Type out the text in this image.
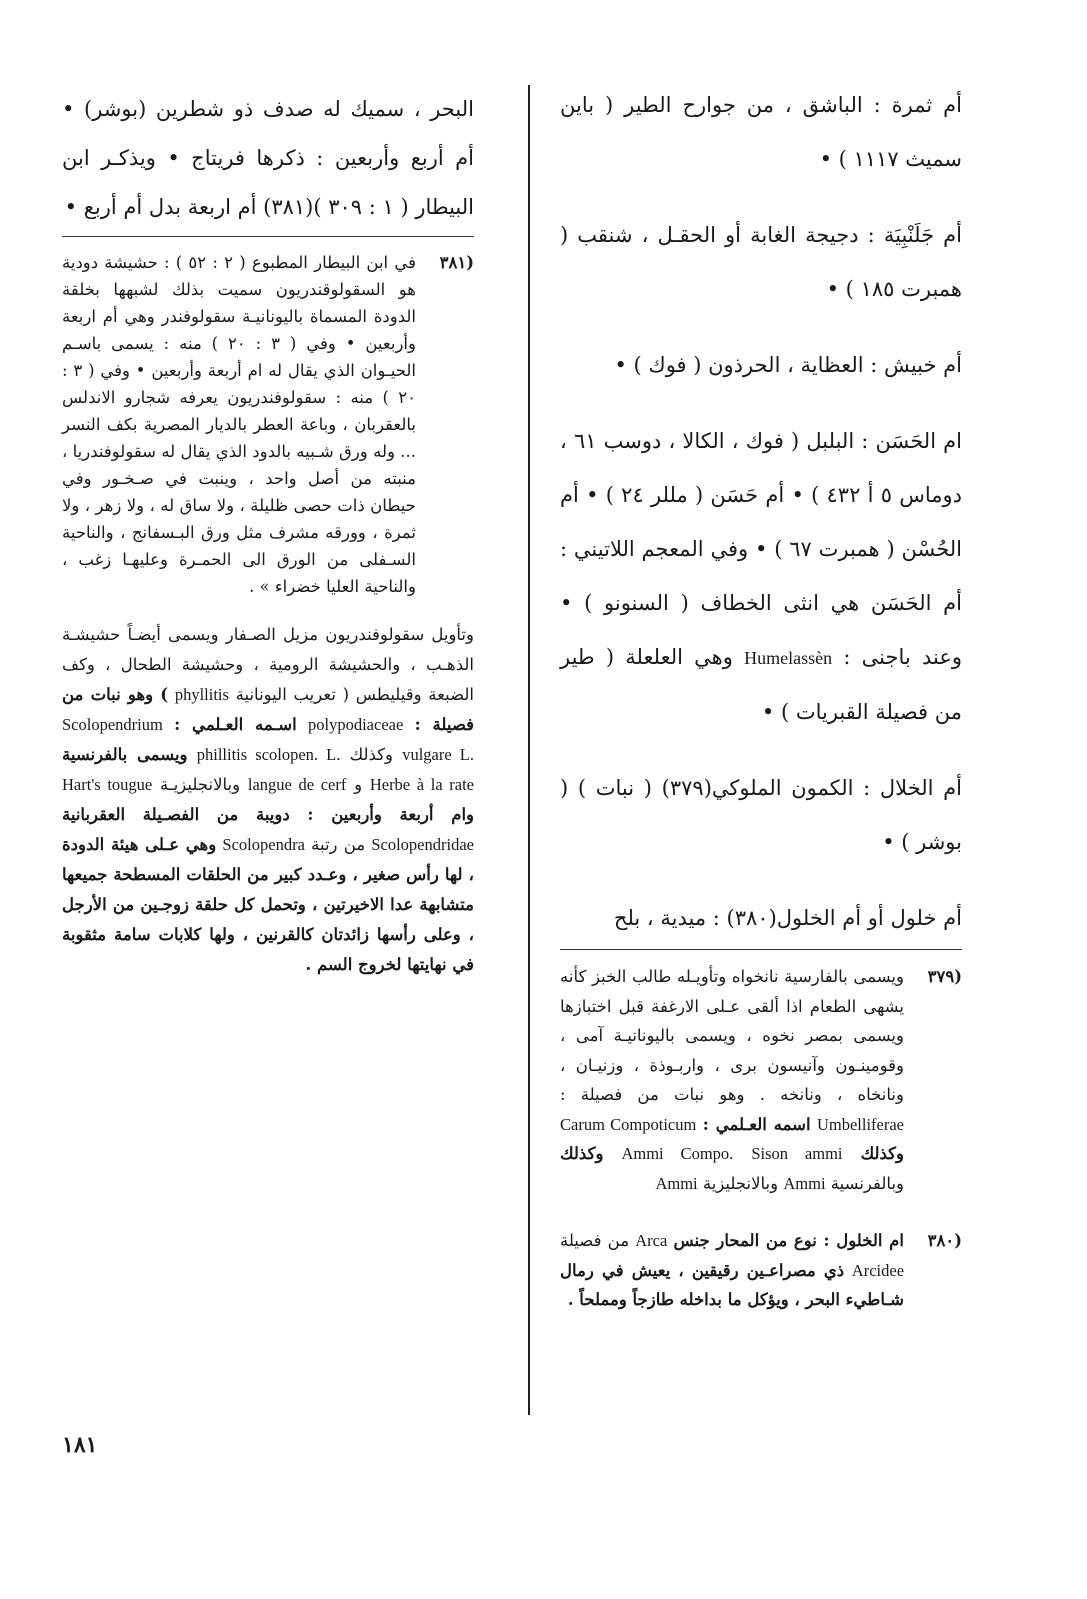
أم ثمرة : الباشق ، من جوارح الطير ( باين سميث ١١١٧ ) •

أم جَلَنْبِيَة : دجيجة الغابة أو الحقـل ، شنقب ( همبرت ١٨٥ ) •

أم خبيش : العظاية ، الحرذون ( فوك ) •

ام الحَسَن : البلبل ( فوك ، الكالا ، دوسب ٦١ ، دوماس ٥ أ ٤٣٢ ) • أم حَسَن ( مللر ٢٤ ) • أم الحُسْن ( همبرت ٦٧ ) • وفي المعجم اللاتيني : أم الحَسَن هي انثى الخطاف ( السنونو ) • وعند باجنى : Humelassèn وهي العلعلة ( طير من فصيلة القبريات ) •

أم الخلال : الكمون الملوكي(٣٧٩) ( نبات ) ( بوشر ) •

أم خلول أو أم الخلول(٣٨٠) : ميدية ، بلح

(٣٧٩
ويسمى بالفارسية نانخواه وتأويـله طالب الخبز كأنه يشهى الطعام اذا ألقى عـلى الارغفة قبل اختبازها ويسمى بمصر نخوه ، ويسمى باليونانيـة آمى ، وقومينـون وآنيسون برى ، واربـوذة ، وزنيـان ، ونانخاه ، ونانخه . وهو نبات من فصيلة : Umbelliferae اسمه العـلمي : Carum Compoticum وكذلك Sison ammi Ammi Compo. وكذلك وبالفرنسية Ammi وبالانجليزية Ammi
(٣٨٠
ام الخلول : نوع من المحار جنس Arca من فصيلة Arcidee ذي مصراعـين رقيقين ، يعيش في رمال شـاطيء البحر ، ويؤكل ما بداخله طازجاً ومملحاً .

البحر ، سميك له صدف ذو شطرين (بوشر) • أم أربع وأربعين : ذكرها فريتاج • ويذكـر ابن البيطار ( ١ : ٣٠٩ )(٣٨١) أم اربعة بدل أم أربع •

(٣٨١
في ابن البيطار المطبوع ( ٢ : ٥٢ ) : حشيشة دودية هو السقولوقندريون سميت بذلك لشبهها بخلقة الدودة المسماة باليونانيـة سقولوفندر وهي أم اربعة وأربعين • وفي ( ٣ : ٢٠ ) منه : يسمى باسـم الحيـوان الذي يقال له ام أربعة وأربعين • وفي ( ٣ : ٢٠ ) منه : سقولوفندريون يعرفه شجارو الاندلس بالعقربان ، وباعة العطر بالديار المصرية بكف النسر ... وله ورق شـبيه بالدود الذي يقال له سقولوفندريا ، منبته من أصل واحد ، وينبت في صـخـور وفي حيطان ذات حصى ظليلة ، ولا ساق له ، ولا زهر ، ولا ثمرة ، وورقه مشرف مثل ورق البـسفانج ، والناحية السـفلى من الورق الى الحمـرة وعليهـا زغب ، والناحية العليا خضراء » .
وتأويل سقولوفندريون مزيل الصـفار ويسمى أيضـاً حشيشـة الذهـب ، والحشيشة الرومية ، وحشيشة الطحال ، وكف الضبعة وقيليطس ( تعريب اليونانية phyllitis ) وهو نبات من فصيلة : polypodiaceae اسـمه العـلمي : Scolopendrium vulgare L. وكذلك phillitis scolopen. L. ويسمى بالفرنسية Herbe à la rate و langue de cerf وبالانجليزيـة Hart's tougue وام أربعة وأربعين : دويبة من الفصـيلة العقربانية Scolopendridae من رتبة Scolopendra وهي عـلى هيئة الدودة ، لها رأس صغير ، وعـدد كبير من الحلقات المسطحة جميعها متشابهة عدا الاخيرتين ، وتحمل كل حلقة زوجـين من الأرجل ، وعلى رأسها زائدتان كالقرنين ، ولها كلابات سامة مثقوبة في نهايتها لخروج السم .
١٨١
